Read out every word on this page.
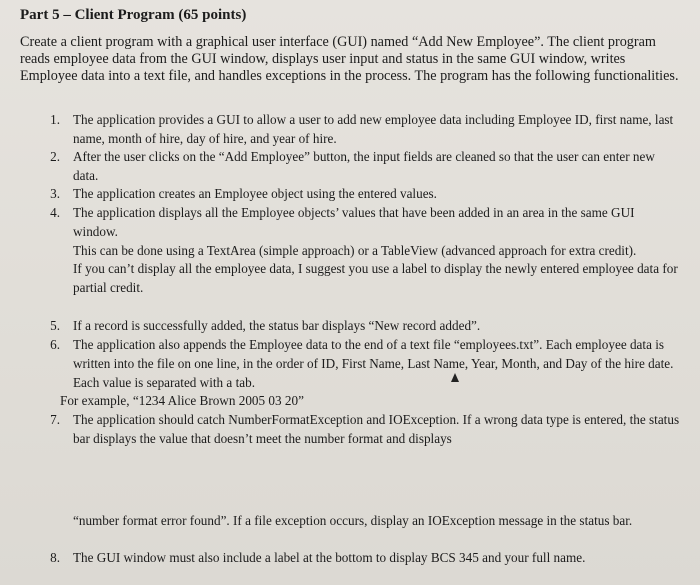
Part 5 – Client Program (65 points)
Create a client program with a graphical user interface (GUI) named “Add New Employee”. The client program reads employee data from the GUI window, displays user input and status in the same GUI window, writes Employee data into a text file, and handles exceptions in the process. The program has the following functionalities.
1. The application provides a GUI to allow a user to add new employee data including Employee ID, first name, last name, month of hire, day of hire, and year of hire.
2. After the user clicks on the “Add Employee” button, the input fields are cleaned so that the user can enter new data.
3. The application creates an Employee object using the entered values.
4. The application displays all the Employee objects’ values that have been added in an area in the same GUI window.
This can be done using a TextArea (simple approach) or a TableView (advanced approach for extra credit).
If you can’t display all the employee data, I suggest you use a label to display the newly entered employee data for partial credit.
5. If a record is successfully added, the status bar displays “New record added”.
6. The application also appends the Employee data to the end of a text file “employees.txt”. Each employee data is written into the file on one line, in the order of ID, First Name, Last Name, Year, Month, and Day of the hire date. Each value is separated with a tab.
For example, “1234 Alice Brown 2005 03 20”
7. The application should catch NumberFormatException and IOException. If a wrong data type is entered, the status bar displays the value that doesn’t meet the number format and displays
“number format error found”. If a file exception occurs, display an IOException message in the status bar.
8. The GUI window must also include a label at the bottom to display BCS 345 and your full name.
